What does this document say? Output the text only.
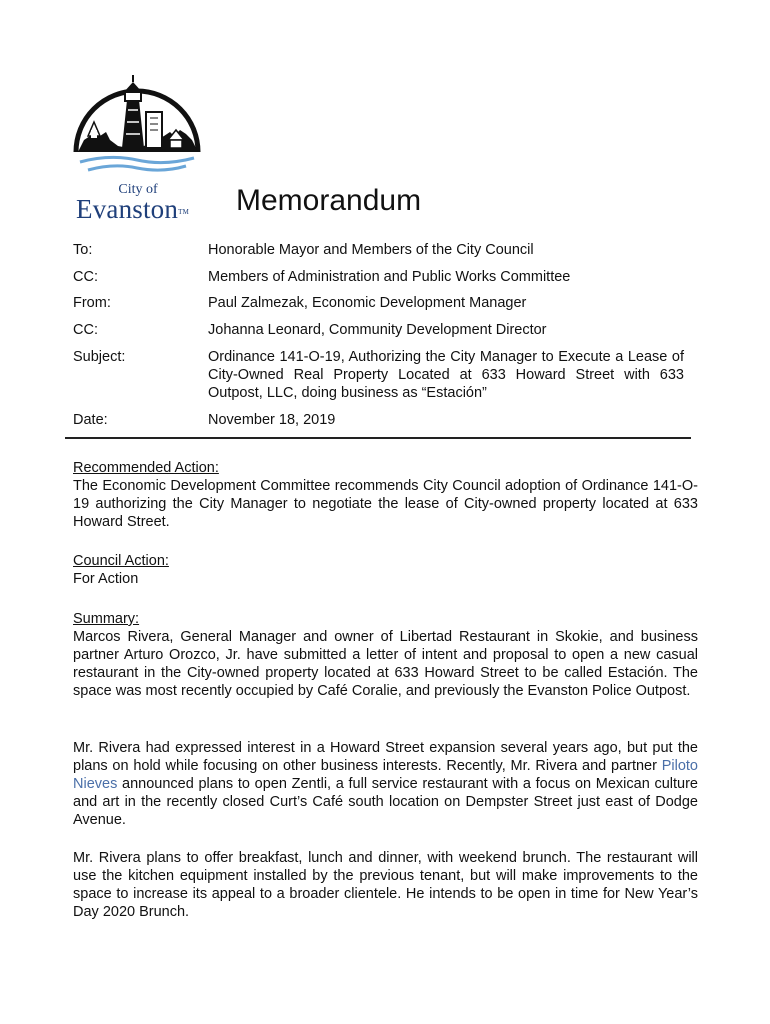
City of
Evanston™ Memorandum
To:	Honorable Mayor and Members of the City Council
CC:	Members of Administration and Public Works Committee
From:	Paul Zalmezak, Economic Development Manager
CC:	Johanna Leonard, Community Development Director
Subject:	Ordinance 141-O-19, Authorizing the City Manager to Execute a Lease of City-Owned Real Property Located at 633 Howard Street with 633 Outpost, LLC, doing business as “Estación”
Date:	November 18, 2019
Recommended Action:

The Economic Development Committee recommends City Council adoption of Ordinance 141-O-19 authorizing the City Manager to negotiate the lease of City-owned property located at 633 Howard Street.

Council Action:

For Action

Summary:

Marcos Rivera, General Manager and owner of Libertad Restaurant in Skokie, and business partner Arturo Orozco, Jr. have submitted a letter of intent and proposal to open a new casual restaurant in the City-owned property located at 633 Howard Street to be called Estación. The space was most recently occupied by Café Coralie, and previously the Evanston Police Outpost.

Mr. Rivera had expressed interest in a Howard Street expansion several years ago, but put the plans on hold while focusing on other business interests. Recently, Mr. Rivera and partner Piloto Nieves announced plans to open Zentli, a full service restaurant with a focus on Mexican culture and art in the recently closed Curt’s Café south location on Dempster Street just east of Dodge Avenue.

Mr. Rivera plans to offer breakfast, lunch and dinner, with weekend brunch. The restaurant will use the kitchen equipment installed by the previous tenant, but will make improvements to the space to increase its appeal to a broader clientele. He intends to be open in time for New Year’s Day 2020 Brunch.
